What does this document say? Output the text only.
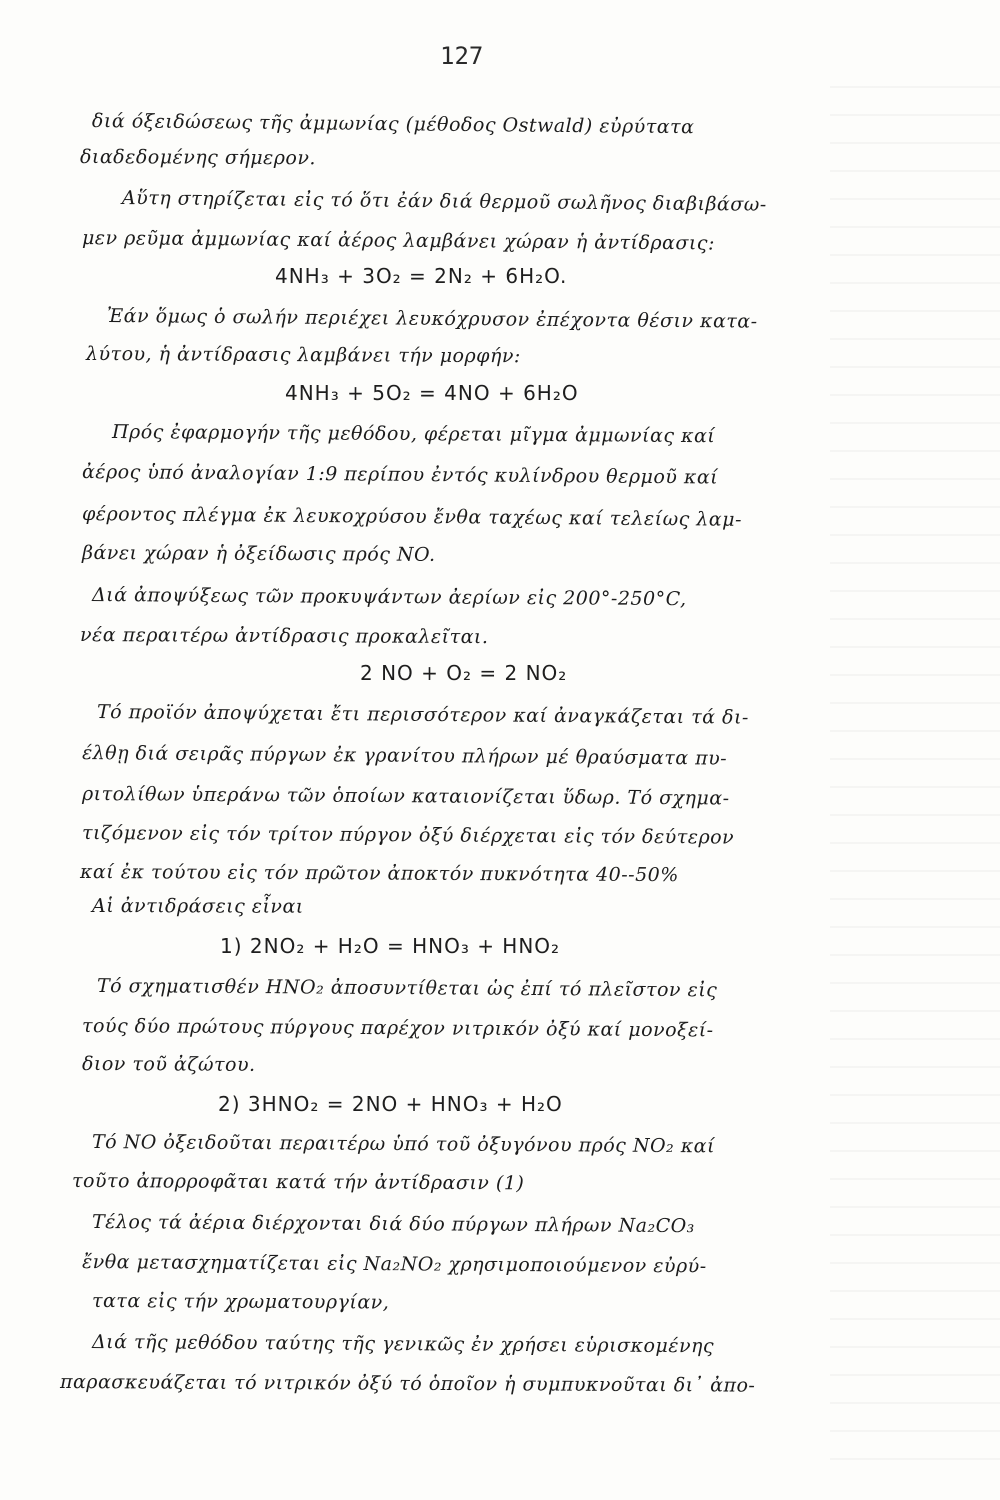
127
διά όξειδώσεως τῆς ἀμμωνίας (μέθοδος Ostwald) εὐρύτατα
διαδεδομένης σήμερον.
Αὕτη στηρίζεται εἰς τό ὅτι ἐάν διά θερμοῦ σωλῆνος διαβιβάσω-
μεν ρεῦμα ἀμμωνίας καί ἀέρος λαμβάνει χώραν ἡ ἀντίδρασις:
4NH₃ + 3O₂ = 2N₂ + 6H₂O.
Ἐάν ὅμως ὁ σωλήν περιέχει λευκόχρυσον ἐπέχοντα θέσιν κατα-
λύτου, ἡ ἀντίδρασις λαμβάνει τήν μορφήν:
4NH₃ + 5O₂ = 4NO + 6H₂O
Πρός ἐφαρμογήν τῆς μεθόδου, φέρεται μῖγμα ἀμμωνίας καί
ἀέρος ὑπό ἀναλογίαν 1:9 περίπου ἐντός κυλίνδρου θερμοῦ καί
φέροντος πλέγμα ἐκ λευκοχρύσου ἔνθα ταχέως καί τελείως λαμ-
βάνει χώραν ἡ ὀξείδωσις πρός NO.
Διά ἀποψύξεως τῶν προκυψάντων ἀερίων εἰς 200°-250°C,
νέα περαιτέρω ἀντίδρασις προκαλεῖται.
2 NO + O₂ = 2 NO₂
Τό προϊόν ἀποψύχεται ἔτι περισσότερον καί ἀναγκάζεται τά δι-
έλθῃ διά σειρᾶς πύργων ἐκ γρανίτου πλήρων μέ θραύσματα πυ-
ριτολίθων ὑπεράνω τῶν ὁποίων καταιονίζεται ὕδωρ. Τό σχημα-
τιζόμενον εἰς τόν τρίτον πύργον ὀξύ διέρχεται εἰς τόν δεύτερον
καί ἐκ τούτου εἰς τόν πρῶτον ἀποκτόν πυκνότητα 40--50%
Αἱ ἀντιδράσεις εἶναι
1) 2NO₂ + H₂O = HNO₃ + HNO₂
Τό σχηματισθέν HNO₂ ἀποσυντίθεται ὡς ἐπί τό πλεῖστον εἰς
τούς δύο πρώτους πύργους παρέχον νιτρικόν ὀξύ καί μονοξεί-
διον τοῦ ἀζώτου.
2) 3HNO₂ = 2NO + HNO₃ + H₂O
Τό NO ὀξειδοῦται περαιτέρω ὑπό τοῦ ὀξυγόνου πρός NO₂ καί
τοῦτο ἀπορροφᾶται κατά τήν ἀντίδρασιν (1)
Τέλος τά ἀέρια διέρχονται διά δύο πύργων πλήρων Na₂CO₃
ἔνθα μετασχηματίζεται εἰς Na₂NO₂ χρησιμοποιούμενον εὐρύ-
τατα εἰς τήν χρωματουργίαν,
Διά τῆς μεθόδου ταύτης τῆς γενικῶς ἐν χρήσει εὑρισκομένης
παρασκευάζεται τό νιτρικόν ὀξύ τό ὁποῖον ἡ συμπυκνοῦται δι᾽ ἀπο-
